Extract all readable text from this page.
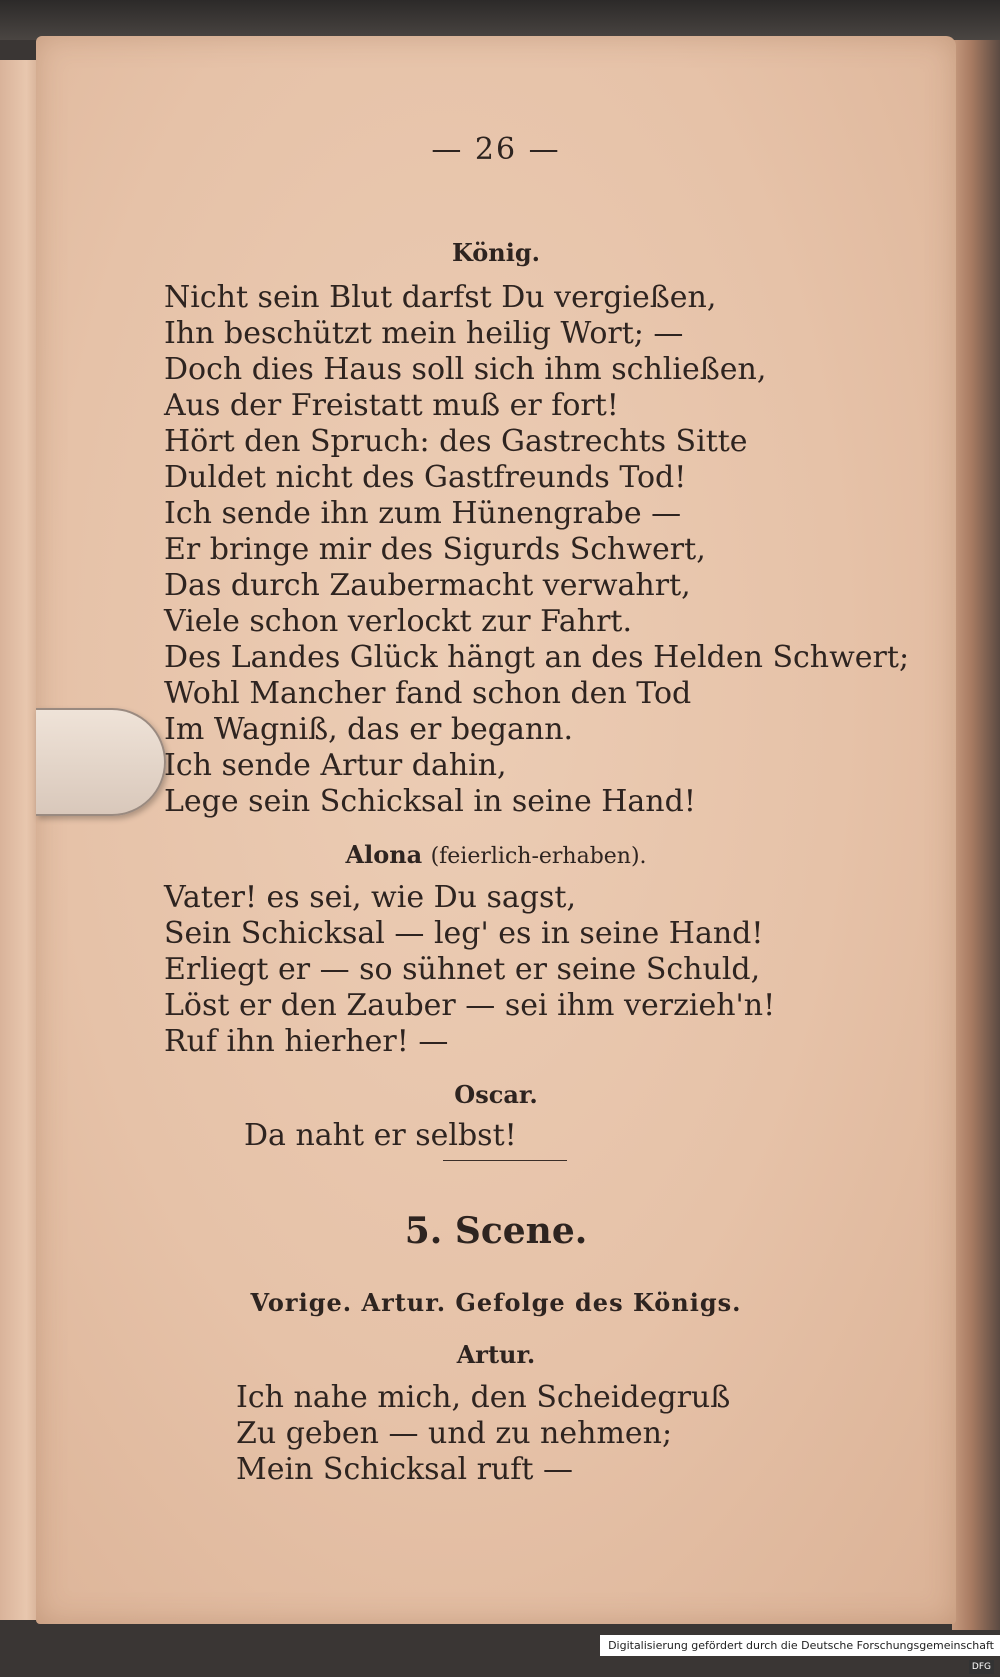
— 26 —
König.
Nicht sein Blut darfst Du vergießen,
Ihn beschützt mein heilig Wort; —
Doch dies Haus soll sich ihm schließen,
Aus der Freistatt muß er fort!
Hört den Spruch: des Gastrechts Sitte
Duldet nicht des Gastfreunds Tod!
Ich sende ihn zum Hünengrabe —
Er bringe mir des Sigurds Schwert,
Das durch Zaubermacht verwahrt,
Viele schon verlockt zur Fahrt.
Des Landes Glück hängt an des Helden Schwert;
Wohl Mancher fand schon den Tod
Im Wagniß, das er begann.
Ich sende Artur dahin,
Lege sein Schicksal in seine Hand!
Alona (feierlich-erhaben).
Vater! es sei, wie Du sagst,
Sein Schicksal — leg' es in seine Hand!
Erliegt er — so sühnet er seine Schuld,
Löst er den Zauber — sei ihm verzieh'n!
Ruf ihn hierher! —
Oscar.
Da naht er selbst!
5. Scene.
Vorige. Artur. Gefolge des Königs.
Artur.
Ich nahe mich, den Scheidegruß
Zu geben — und zu nehmen;
Mein Schicksal ruft —
Digitalisierung gefördert durch die Deutsche Forschungsgemeinschaft DFG
